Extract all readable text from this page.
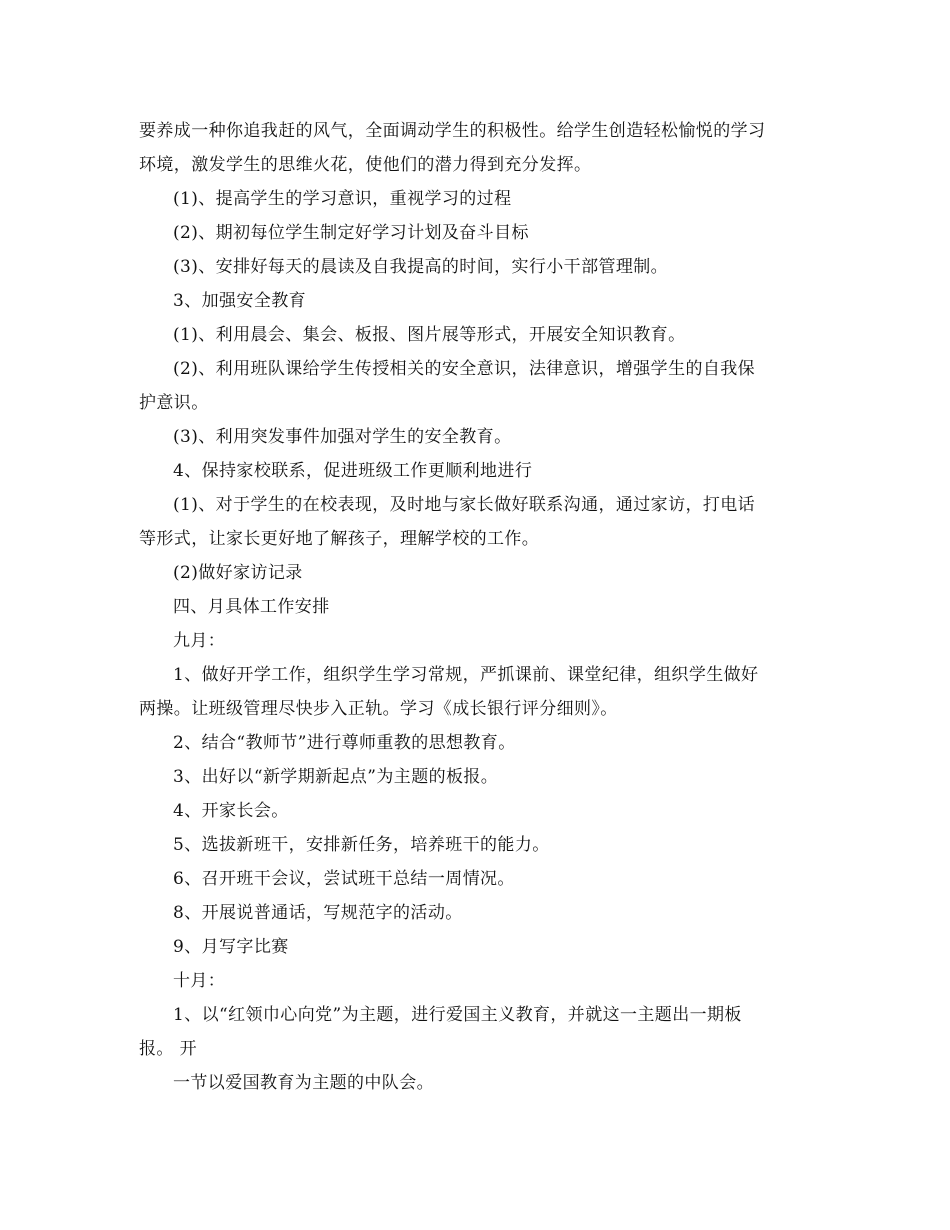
要养成一种你追我赶的风气，全面调动学生的积极性。给学生创造轻松愉悦的学习
环境，激发学生的思维火花，使他们的潜力得到充分发挥。
(1)、提高学生的学习意识，重视学习的过程
(2)、期初每位学生制定好学习计划及奋斗目标
(3)、安排好每天的晨读及自我提高的时间，实行小干部管理制。
3、加强安全教育
(1)、利用晨会、集会、板报、图片展等形式，开展安全知识教育。
(2)、利用班队课给学生传授相关的安全意识，法律意识，增强学生的自我保
护意识。
(3)、利用突发事件加强对学生的安全教育。
4、保持家校联系，促进班级工作更顺利地进行
(1)、对于学生的在校表现，及时地与家长做好联系沟通，通过家访，打电话
等形式，让家长更好地了解孩子，理解学校的工作。
(2)做好家访记录
四、月具体工作安排
九月：
1、做好开学工作，组织学生学习常规，严抓课前、课堂纪律，组织学生做好
两操。让班级管理尽快步入正轨。学习《成长银行评分细则》。
2、结合“教师节”进行尊师重教的思想教育。
3、出好以“新学期新起点”为主题的板报。
4、开家长会。
5、选拔新班干，安排新任务，培养班干的能力。
6、召开班干会议，尝试班干总结一周情况。
8、开展说普通话，写规范字的活动。
9、月写字比赛
十月：
1、以“红领巾心向党”为主题，进行爱国主义教育，并就这一主题出一期板
报。 开
一节以爱国教育为主题的中队会。
